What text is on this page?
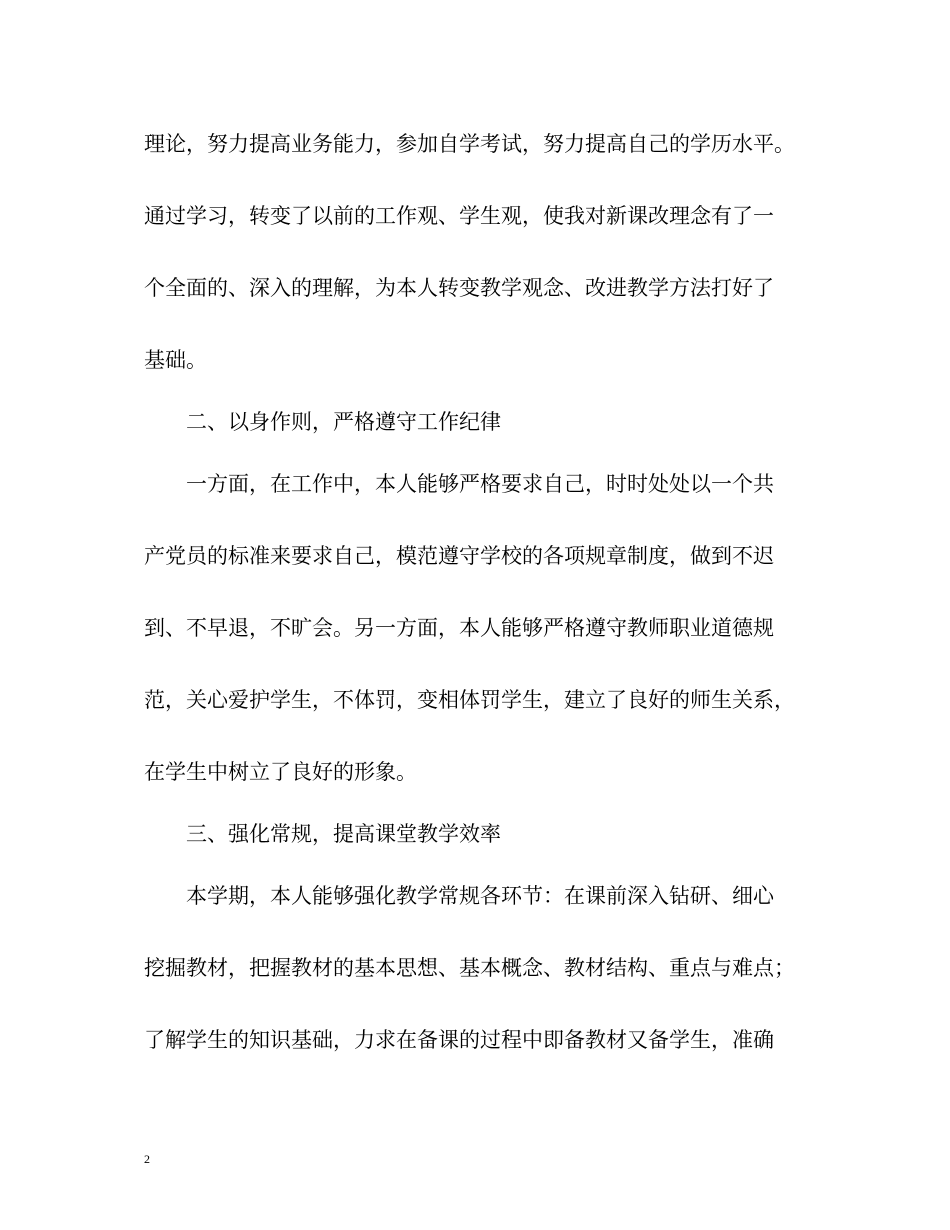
理论，努力提高业务能力，参加自学考试，努力提高自己的学历水平。
通过学习，转变了以前的工作观、学生观，使我对新课改理念有了一
个全面的、深入的理解，为本人转变教学观念、改进教学方法打好了
基础。
二、以身作则，严格遵守工作纪律
一方面，在工作中，本人能够严格要求自己，时时处处以一个共
产党员的标准来要求自己，模范遵守学校的各项规章制度，做到不迟
到、不早退，不旷会。另一方面，本人能够严格遵守教师职业道德规
范，关心爱护学生，不体罚，变相体罚学生，建立了良好的师生关系，
在学生中树立了良好的形象。
三、强化常规，提高课堂教学效率
本学期，本人能够强化教学常规各环节：在课前深入钻研、细心
挖掘教材，把握教材的基本思想、基本概念、教材结构、重点与难点；
了解学生的知识基础，力求在备课的过程中即备教材又备学生，准确
2
